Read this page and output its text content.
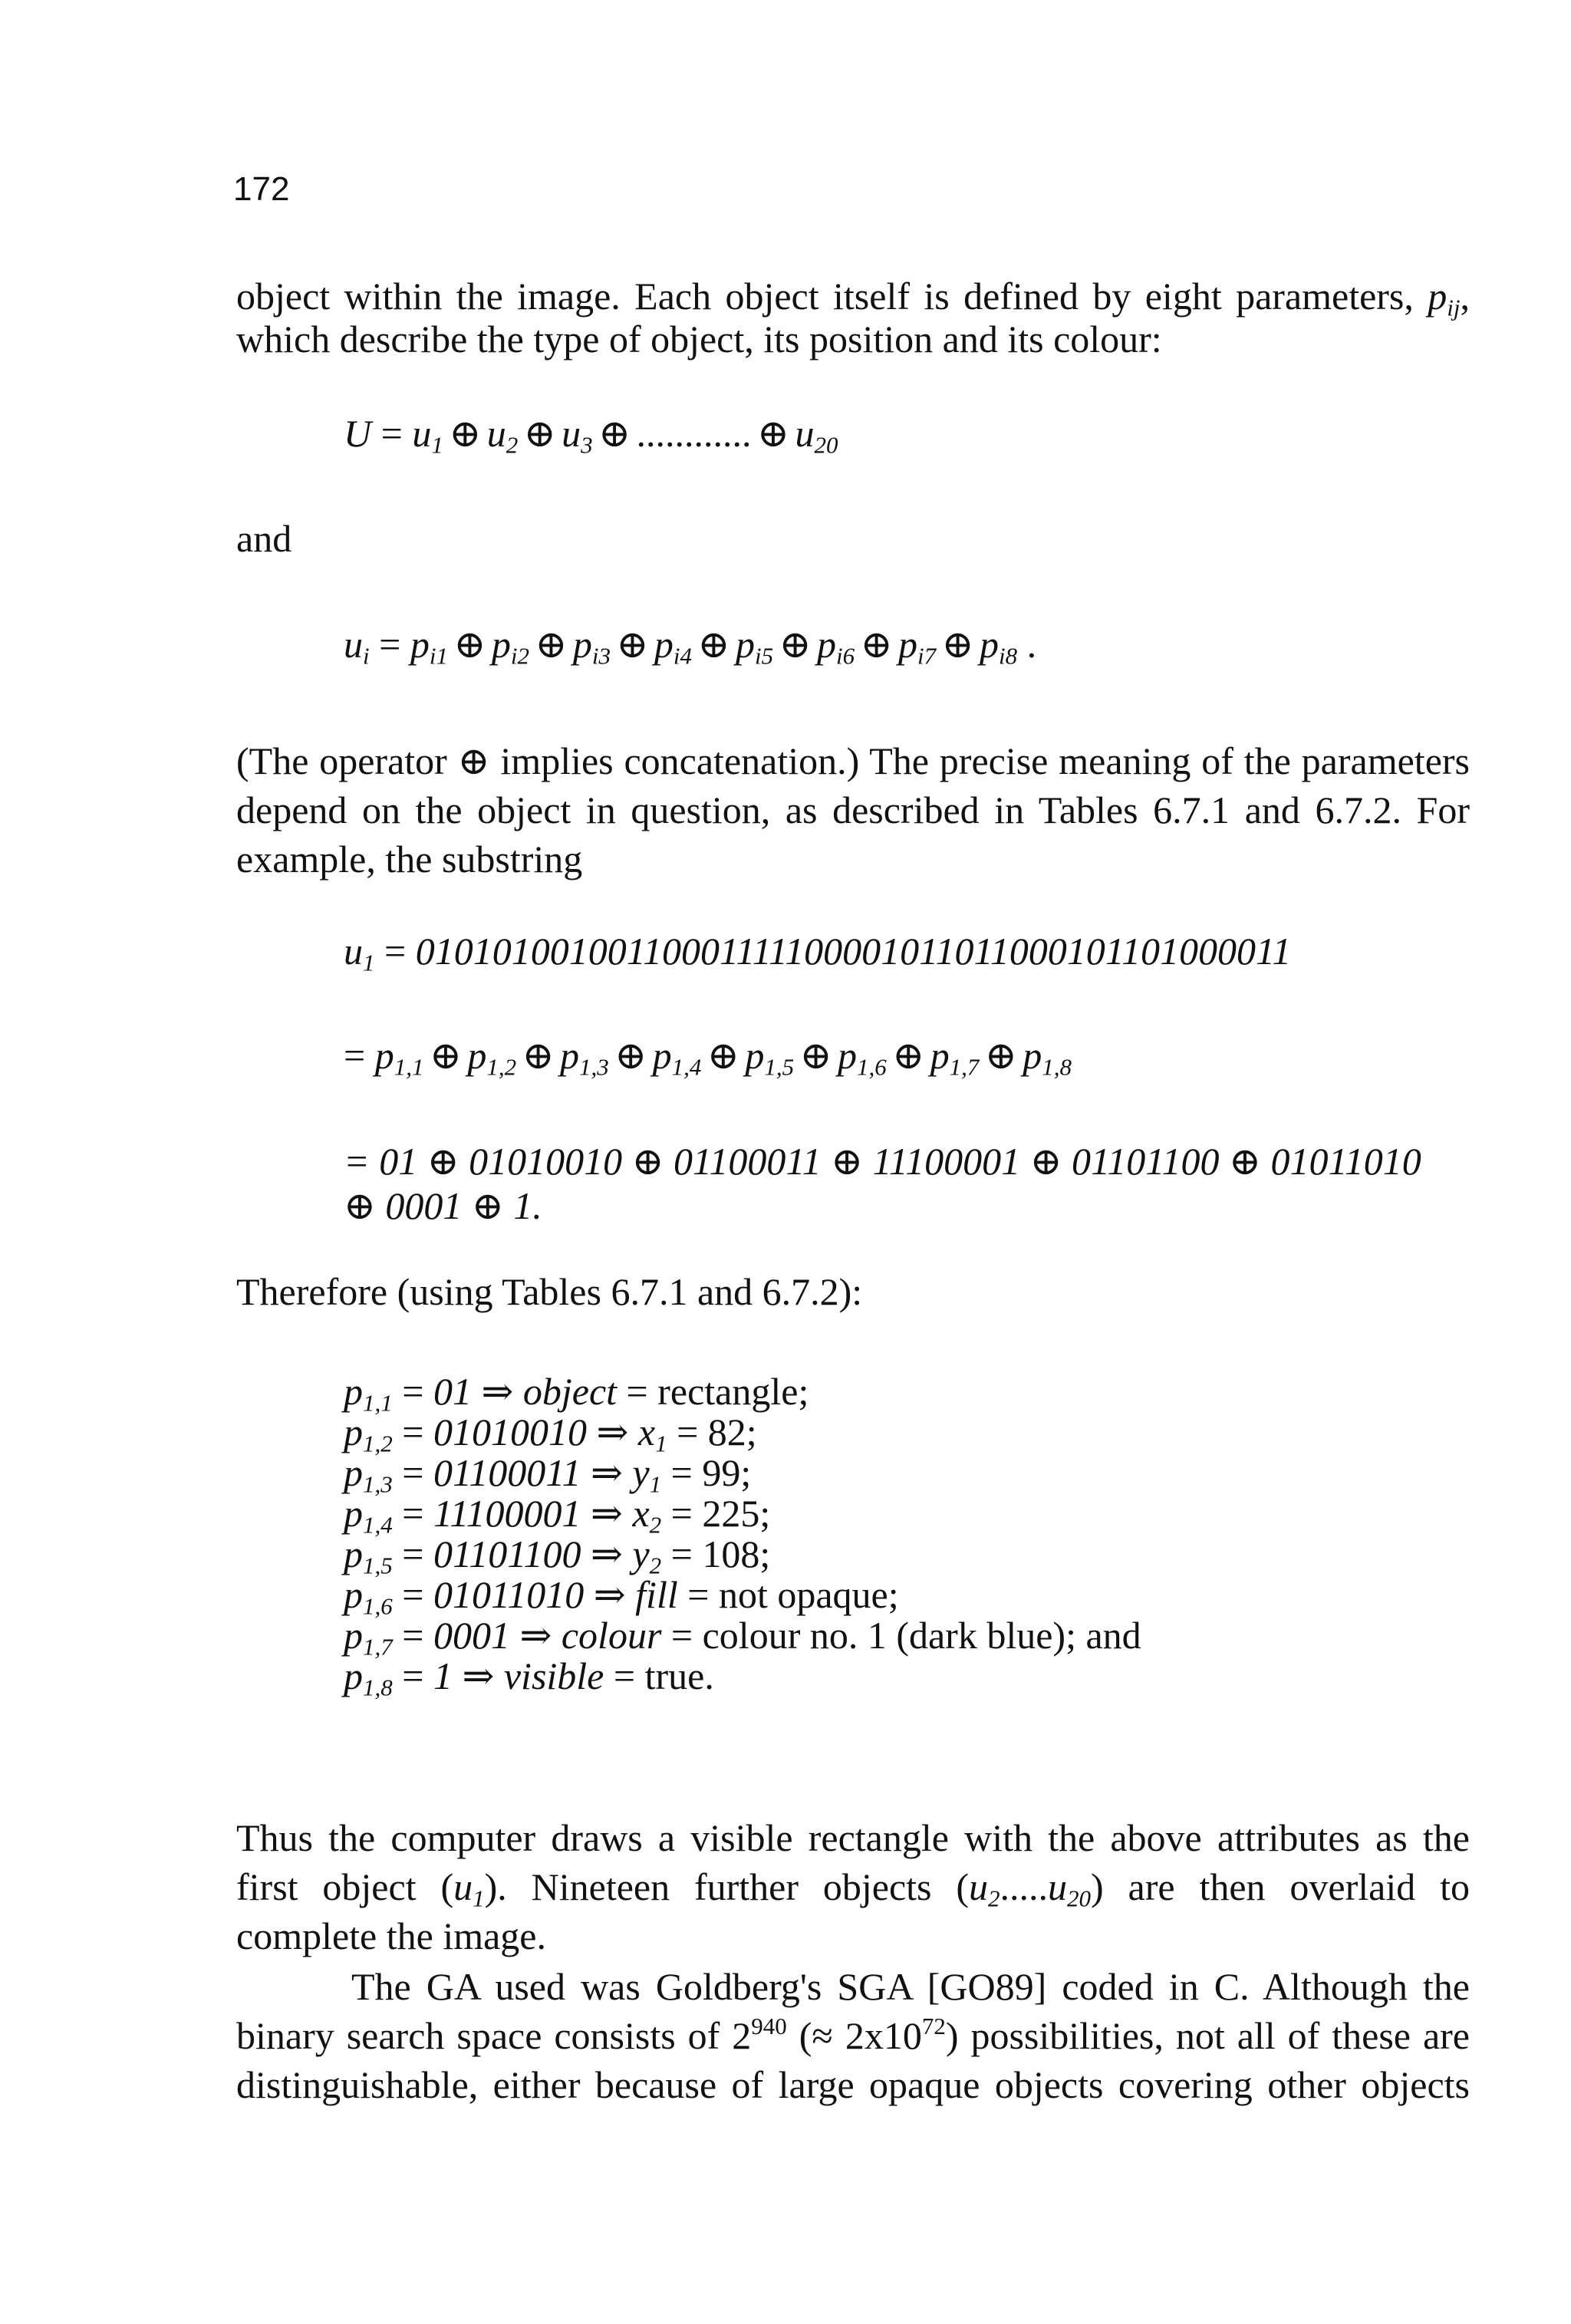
172
object within the image. Each object itself is defined by eight parameters, $p_{ij}$,
which describe the type of object, its position and its colour:
$U = u_1$ ⊕ $u_2$ ⊕ $u_3$ ⊕ ............ ⊕ $u_{20}$
and
$u_i = p_{i1}$ ⊕ $p_{i2}$ ⊕ $p_{i3}$ ⊕ $p_{i4}$ ⊕ $p_{i5}$ ⊕ $p_{i6}$ ⊕ $p_{i7}$ ⊕ $p_{i8}$ .
(The operator ⊕ implies concatenation.) The precise meaning of the parameters
depend on the object in question, as described in Tables 6.7.1 and 6.7.2. For
example, the substring
$u_1 = 01010100100110001111100001011011000101101000011$
= $p_{1,1}$ ⊕ $p_{1,2}$ ⊕ $p_{1,3}$ ⊕ $p_{1,4}$ ⊕ $p_{1,5}$ ⊕ $p_{1,6}$ ⊕ $p_{1,7}$ ⊕ $p_{1,8}$
= 01 ⊕ 01010010 ⊕ 01100011 ⊕ 11100001 ⊕ 01101100 ⊕ 01011010
⊕ 0001 ⊕ 1.
Therefore (using Tables 6.7.1 and 6.7.2):
$p_{1,1} = 01$ ⇒ object = rectangle;
$p_{1,2} = 01010010$ ⇒ $x_1 = 82$;
$p_{1,3} = 01100011$ ⇒ $y_1 = 99$;
$p_{1,4} = 11100001$ ⇒ $x_2 = 225$;
$p_{1,5} = 01101100$ ⇒ $y_2 = 108$;
$p_{1,6} = 01011010$ ⇒ fill = not opaque;
$p_{1,7} = 0001$ ⇒ colour = colour no. 1 (dark blue); and
$p_{1,8} = 1$ ⇒ visible = true.
Thus the computer draws a visible rectangle with the above attributes as the
first object $(u_1)$. Nineteen further objects $(u_2.....u_{20})$ are then overlaid to
complete the image.
The GA used was Goldberg's SGA [GO89] coded in C. Although the
binary search space consists of $2^{940}$ (≈ $2x10^{72}$) possibilities, not all of these are
distinguishable, either because of large opaque objects covering other objects
